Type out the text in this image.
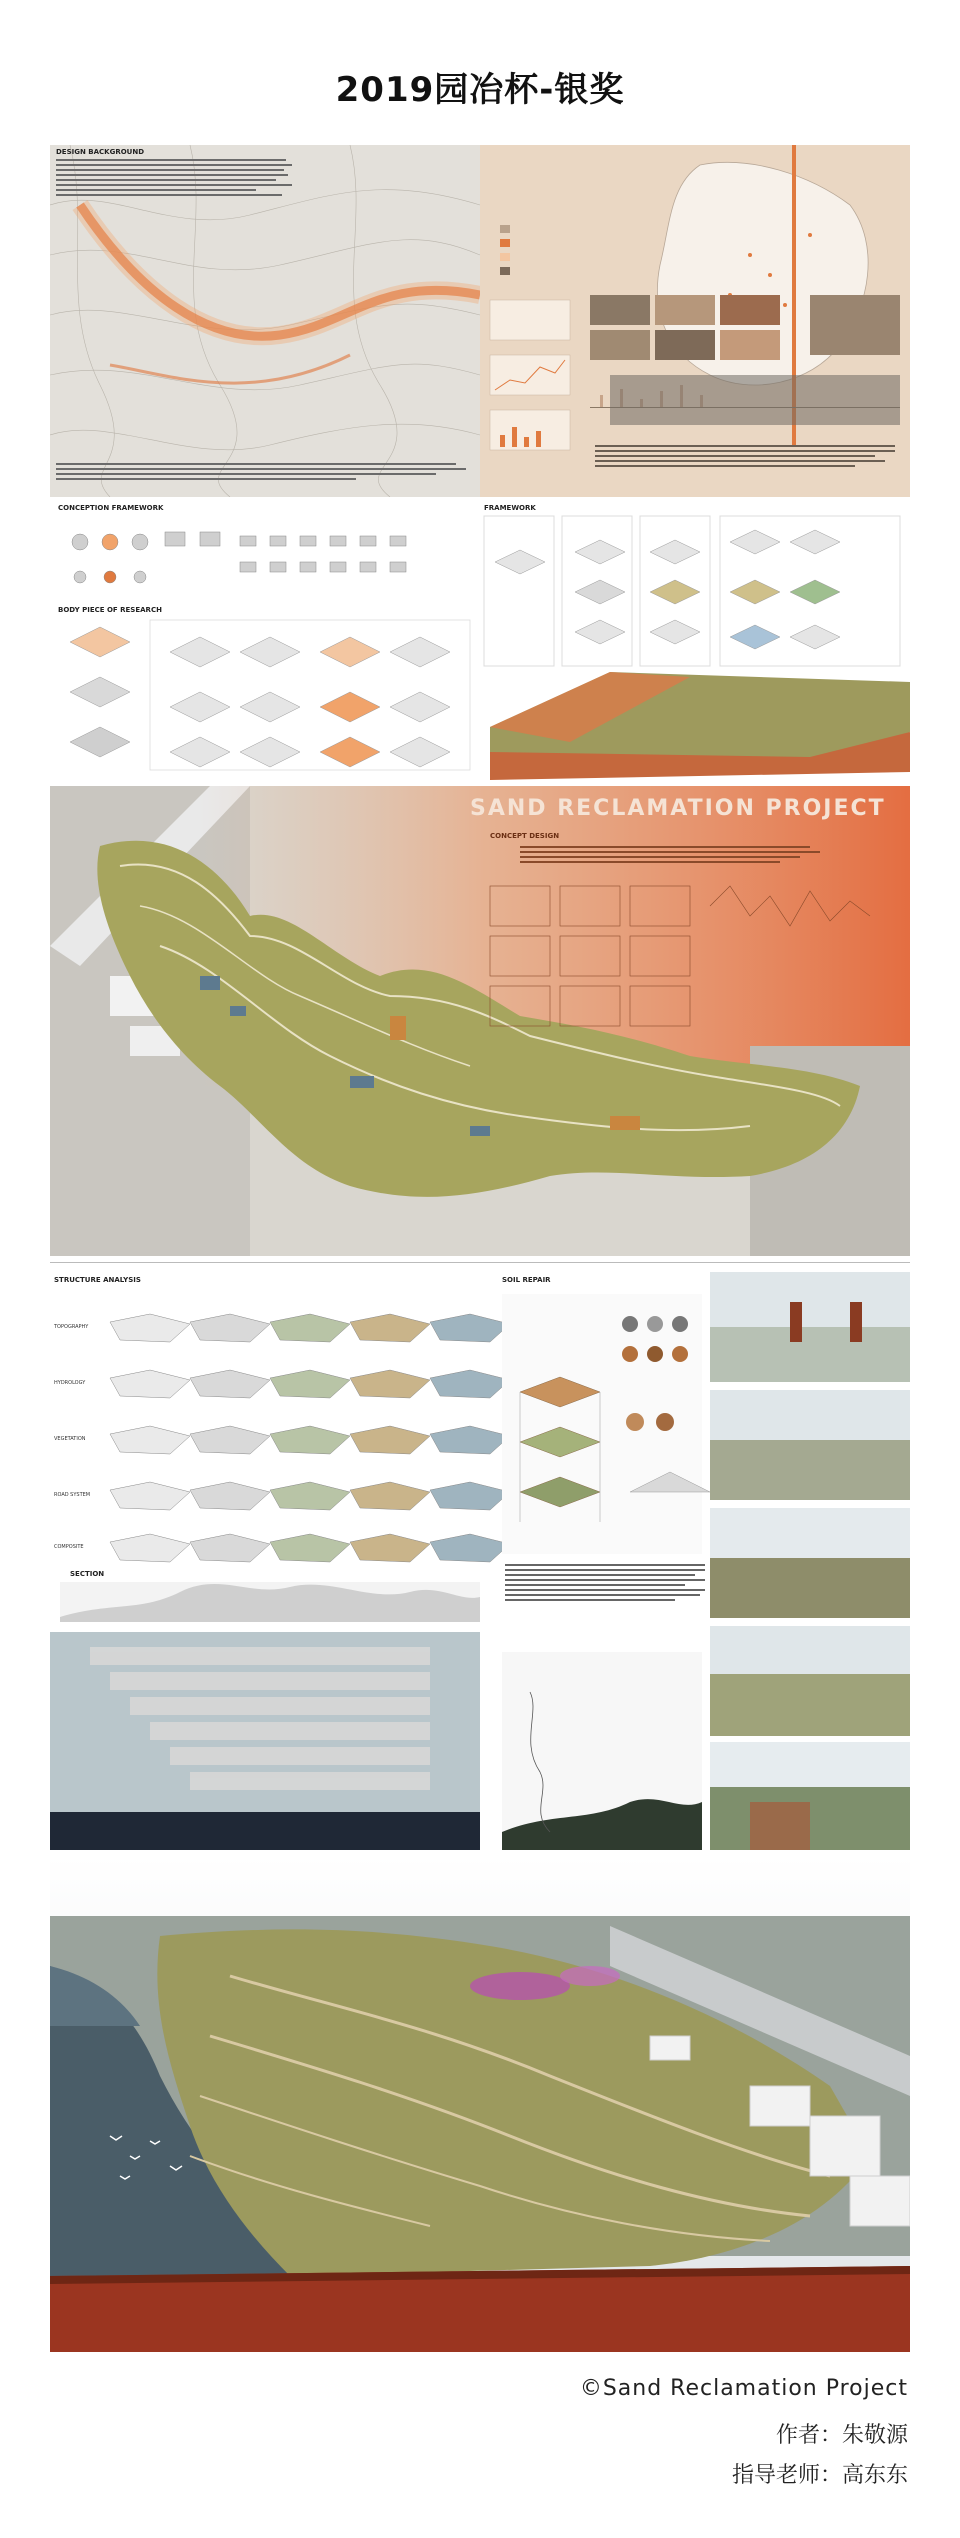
2019园冶杯-银奖
DESIGN BACKGROUND
CONCEPTION FRAMEWORK	FRAMEWORK
BODY PIECE OF RESEARCH
SAND RECLAMATION PROJECT
CONCEPT DESIGN
STRUCTURE ANALYSIS	SOIL REPAIR
SECTION
TOPOGRAPHY
HYDROLOGY
VEGETATION
ROAD SYSTEM
COMPOSITE
©Sand Reclamation Project
作者：朱敬源
指导老师：高东东
